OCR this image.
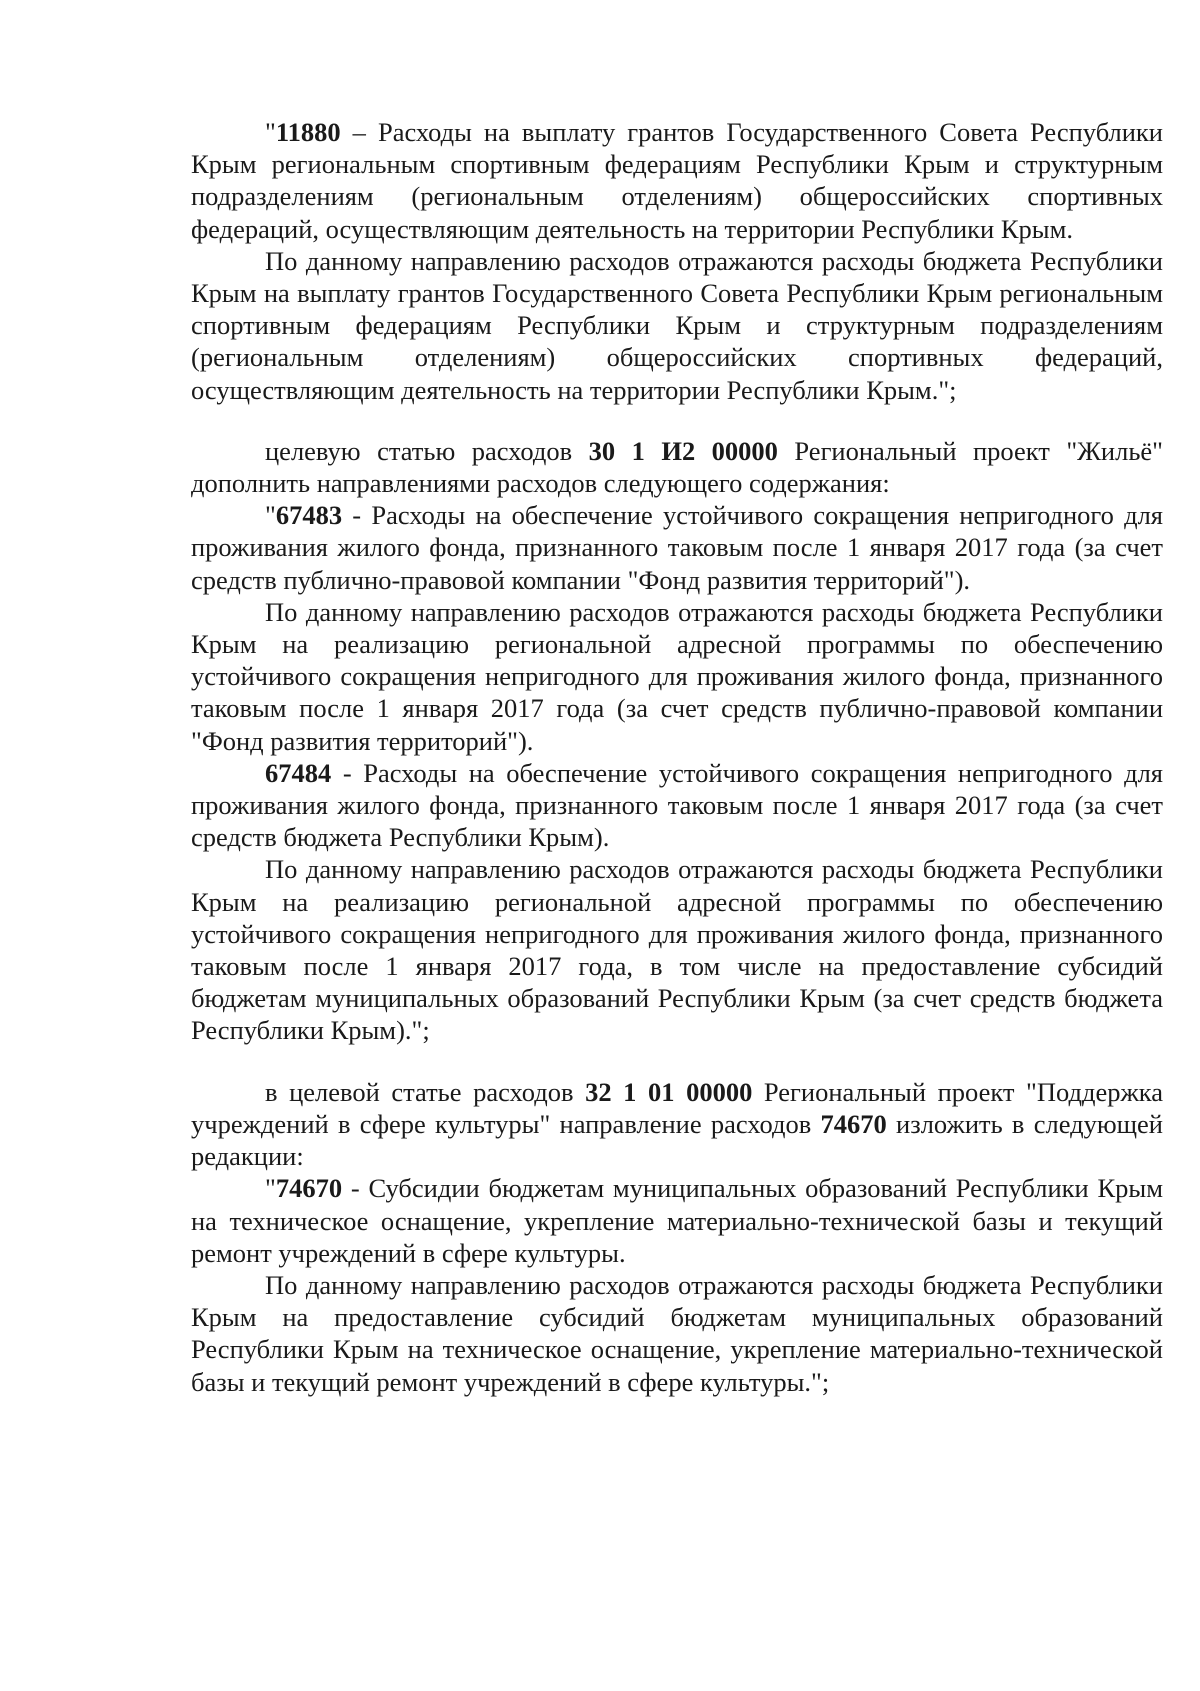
"11880 – Расходы на выплату грантов Государственного Совета Республики Крым региональным спортивным федерациям Республики Крым и структурным подразделениям (региональным отделениям) общероссийских спортивных федераций, осуществляющим деятельность на территории Республики Крым.

По данному направлению расходов отражаются расходы бюджета Республики Крым на выплату грантов Государственного Совета Республики Крым региональным спортивным федерациям Республики Крым и структурным подразделениям (региональным отделениям) общероссийских спортивных федераций, осуществляющим деятельность на территории Республики Крым.";

целевую статью расходов 30 1 И2 00000 Региональный проект "Жильё" дополнить направлениями расходов следующего содержания:

"67483 - Расходы на обеспечение устойчивого сокращения непригодного для проживания жилого фонда, признанного таковым после 1 января 2017 года (за счет средств публично-правовой компании "Фонд развития территорий").

По данному направлению расходов отражаются расходы бюджета Республики Крым на реализацию региональной адресной программы по обеспечению устойчивого сокращения непригодного для проживания жилого фонда, признанного таковым после 1 января 2017 года (за счет средств публично-правовой компании "Фонд развития территорий").

67484 - Расходы на обеспечение устойчивого сокращения непригодного для проживания жилого фонда, признанного таковым после 1 января 2017 года (за счет средств бюджета Республики Крым).

По данному направлению расходов отражаются расходы бюджета Республики Крым на реализацию региональной адресной программы по обеспечению устойчивого сокращения непригодного для проживания жилого фонда, признанного таковым после 1 января 2017 года, в том числе на предоставление субсидий бюджетам муниципальных образований Республики Крым (за счет средств бюджета Республики Крым).";

в целевой статье расходов 32 1 01 00000 Региональный проект "Поддержка учреждений в сфере культуры" направление расходов 74670 изложить в следующей редакции:

"74670 - Субсидии бюджетам муниципальных образований Республики Крым на техническое оснащение, укрепление материально-технической базы и текущий ремонт учреждений в сфере культуры.

По данному направлению расходов отражаются расходы бюджета Республики Крым на предоставление субсидий бюджетам муниципальных образований Республики Крым на техническое оснащение, укрепление материально-технической базы и текущий ремонт учреждений в сфере культуры.";
